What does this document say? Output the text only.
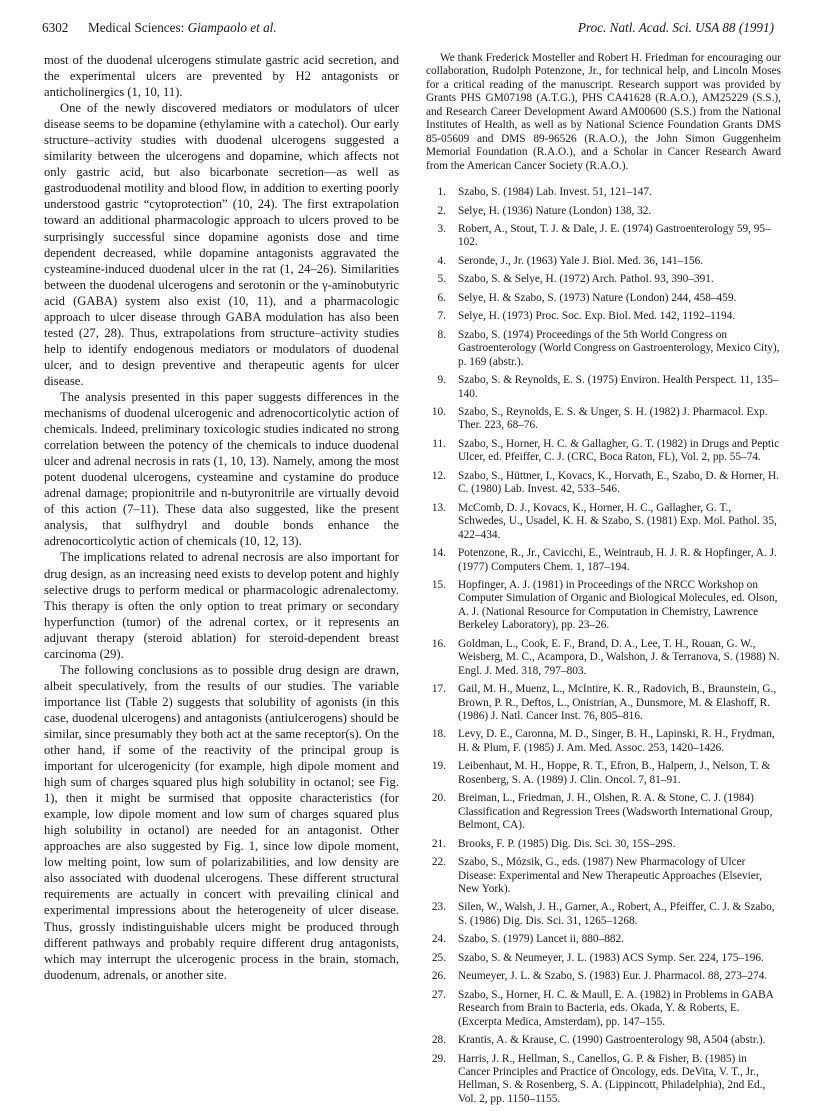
6302 Medical Sciences: Giampaolo et al.	Proc. Natl. Acad. Sci. USA 88 (1991)

most of the duodenal ulcerogens stimulate gastric acid secretion, and the experimental ulcers are prevented by H2 antagonists or anticholinergics (1, 10, 11).

One of the newly discovered mediators or modulators of ulcer disease seems to be dopamine (ethylamine with a catechol). Our early structure–activity studies with duodenal ulcerogens suggested a similarity between the ulcerogens and dopamine, which affects not only gastric acid, but also bicarbonate secretion—as well as gastroduodenal motility and blood flow, in addition to exerting poorly understood gastric “cytoprotection” (10, 24). The first extrapolation toward an additional pharmacologic approach to ulcers proved to be surprisingly successful since dopamine agonists dose and time dependent decreased, while dopamine antagonists aggravated the cysteamine-induced duodenal ulcer in the rat (1, 24–26). Similarities between the duodenal ulcerogens and serotonin or the γ-aminobutyric acid (GABA) system also exist (10, 11), and a pharmacologic approach to ulcer disease through GABA modulation has also been tested (27, 28). Thus, extrapolations from structure–activity studies help to identify endogenous mediators or modulators of duodenal ulcer, and to design preventive and therapeutic agents for ulcer disease.

The analysis presented in this paper suggests differences in the mechanisms of duodenal ulcerogenic and adrenocorticolytic action of chemicals. Indeed, preliminary toxicologic studies indicated no strong correlation between the potency of the chemicals to induce duodenal ulcer and adrenal necrosis in rats (1, 10, 13). Namely, among the most potent duodenal ulcerogens, cysteamine and cystamine do produce adrenal damage; propionitrile and n-butyronitrile are virtually devoid of this action (7–11). These data also suggested, like the present analysis, that sulfhydryl and double bonds enhance the adrenocorticolytic action of chemicals (10, 12, 13).

The implications related to adrenal necrosis are also important for drug design, as an increasing need exists to develop potent and highly selective drugs to perform medical or pharmacologic adrenalectomy. This therapy is often the only option to treat primary or secondary hyperfunction (tumor) of the adrenal cortex, or it represents an adjuvant therapy (steroid ablation) for steroid-dependent breast carcinoma (29).

The following conclusions as to possible drug design are drawn, albeit speculatively, from the results of our studies. The variable importance list (Table 2) suggests that solubility of agonists (in this case, duodenal ulcerogens) and antagonists (antiulcerogens) should be similar, since presumably they both act at the same receptor(s). On the other hand, if some of the reactivity of the principal group is important for ulcerogenicity (for example, high dipole moment and high sum of charges squared plus high solubility in octanol; see Fig. 1), then it might be surmised that opposite characteristics (for example, low dipole moment and low sum of charges squared plus high solubility in octanol) are needed for an antagonist. Other approaches are also suggested by Fig. 1, since low dipole moment, low melting point, low sum of polarizabilities, and low density are also associated with duodenal ulcerogens. These different structural requirements are actually in concert with prevailing clinical and experimental impressions about the heterogeneity of ulcer disease. Thus, grossly indistinguishable ulcers might be produced through different pathways and probably require different drug antagonists, which may interrupt the ulcerogenic process in the brain, stomach, duodenum, adrenals, or another site.

We thank Frederick Mosteller and Robert H. Friedman for encouraging our collaboration, Rudolph Potenzone, Jr., for technical help, and Lincoln Moses for a critical reading of the manuscript. Research support was provided by Grants PHS GM07198 (A.T.G.), PHS CA41628 (R.A.O.), AM25229 (S.S.), and Research Career Development Award AM00600 (S.S.) from the National Institutes of Health, as well as by National Science Foundation Grants DMS 85-05609 and DMS 89-96526 (R.A.O.), the John Simon Guggenheim Memorial Foundation (R.A.O.), and a Scholar in Cancer Research Award from the American Cancer Society (R.A.O.).

1. Szabo, S. (1984) Lab. Invest. 51, 121–147.
2. Selye, H. (1936) Nature (London) 138, 32.
3. Robert, A., Stout, T. J. & Dale, J. E. (1974) Gastroenterology 59, 95–102.
4. Seronde, J., Jr. (1963) Yale J. Biol. Med. 36, 141–156.
5. Szabo, S. & Selye, H. (1972) Arch. Pathol. 93, 390–391.
6. Selye, H. & Szabo, S. (1973) Nature (London) 244, 458–459.
7. Selye, H. (1973) Proc. Soc. Exp. Biol. Med. 142, 1192–1194.
8. Szabo, S. (1974) Proceedings of the 5th World Congress on Gastroenterology (World Congress on Gastroenterology, Mexico City), p. 169 (abstr.).
9. Szabo, S. & Reynolds, E. S. (1975) Environ. Health Perspect. 11, 135–140.
10. Szabo, S., Reynolds, E. S. & Unger, S. H. (1982) J. Pharmacol. Exp. Ther. 223, 68–76.
11. Szabo, S., Horner, H. C. & Gallagher, G. T. (1982) in Drugs and Peptic Ulcer, ed. Pfeiffer, C. J. (CRC, Boca Raton, FL), Vol. 2, pp. 55–74.
12. Szabo, S., Hüttner, I., Kovacs, K., Horvath, E., Szabo, D. & Horner, H. C. (1980) Lab. Invest. 42, 533–546.
13. McComb, D. J., Kovacs, K., Horner, H. C., Gallagher, G. T., Schwedes, U., Usadel, K. H. & Szabo, S. (1981) Exp. Mol. Pathol. 35, 422–434.
14. Potenzone, R., Jr., Cavicchi, E., Weintraub, H. J. R. & Hopfinger, A. J. (1977) Computers Chem. 1, 187–194.
15. Hopfinger, A. J. (1981) in Proceedings of the NRCC Workshop on Computer Simulation of Organic and Biological Molecules, ed. Olson, A. J. (National Resource for Computation in Chemistry, Lawrence Berkeley Laboratory), pp. 23–26.
16. Goldman, L., Cook, E. F., Brand, D. A., Lee, T. H., Rouan, G. W., Weisberg, M. C., Acampora, D., Walshon, J. & Terranova, S. (1988) N. Engl. J. Med. 318, 797–803.
17. Gail, M. H., Muenz, L., McIntire, K. R., Radovich, B., Braunstein, G., Brown, P. R., Deftos, L., Onistrian, A., Dunsmore, M. & Elashoff, R. (1986) J. Natl. Cancer Inst. 76, 805–816.
18. Levy, D. E., Caronna, M. D., Singer, B. H., Lapinski, R. H., Frydman, H. & Plum, F. (1985) J. Am. Med. Assoc. 253, 1420–1426.
19. Leibenhaut, M. H., Hoppe, R. T., Efron, B., Halpern, J., Nelson, T. & Rosenberg, S. A. (1989) J. Clin. Oncol. 7, 81–91.
20. Breiman, L., Friedman, J. H., Olshen, R. A. & Stone, C. J. (1984) Classification and Regression Trees (Wadsworth International Group, Belmont, CA).
21. Brooks, F. P. (1985) Dig. Dis. Sci. 30, 15S–29S.
22. Szabo, S., Mózsik, G., eds. (1987) New Pharmacology of Ulcer Disease: Experimental and New Therapeutic Approaches (Elsevier, New York).
23. Silen, W., Walsh, J. H., Garner, A., Robert, A., Pfeiffer, C. J. & Szabo, S. (1986) Dig. Dis. Sci. 31, 1265–1268.
24. Szabo, S. (1979) Lancet ii, 880–882.
25. Szabo, S. & Neumeyer, J. L. (1983) ACS Symp. Ser. 224, 175–196.
26. Neumeyer, J. L. & Szabo, S. (1983) Eur. J. Pharmacol. 88, 273–274.
27. Szabo, S., Horner, H. C. & Maull, E. A. (1982) in Problems in GABA Research from Brain to Bacteria, eds. Okada, Y. & Roberts, E. (Excerpta Medica, Amsterdam), pp. 147–155.
28. Krantis, A. & Krause, C. (1990) Gastroenterology 98, A504 (abstr.).
29. Harris, J. R., Hellman, S., Canellos, G. P. & Fisher, B. (1985) in Cancer Principles and Practice of Oncology, eds. DeVita, V. T., Jr., Hellman, S. & Rosenberg, S. A. (Lippincott, Philadelphia), 2nd Ed., Vol. 2, pp. 1150–1155.
